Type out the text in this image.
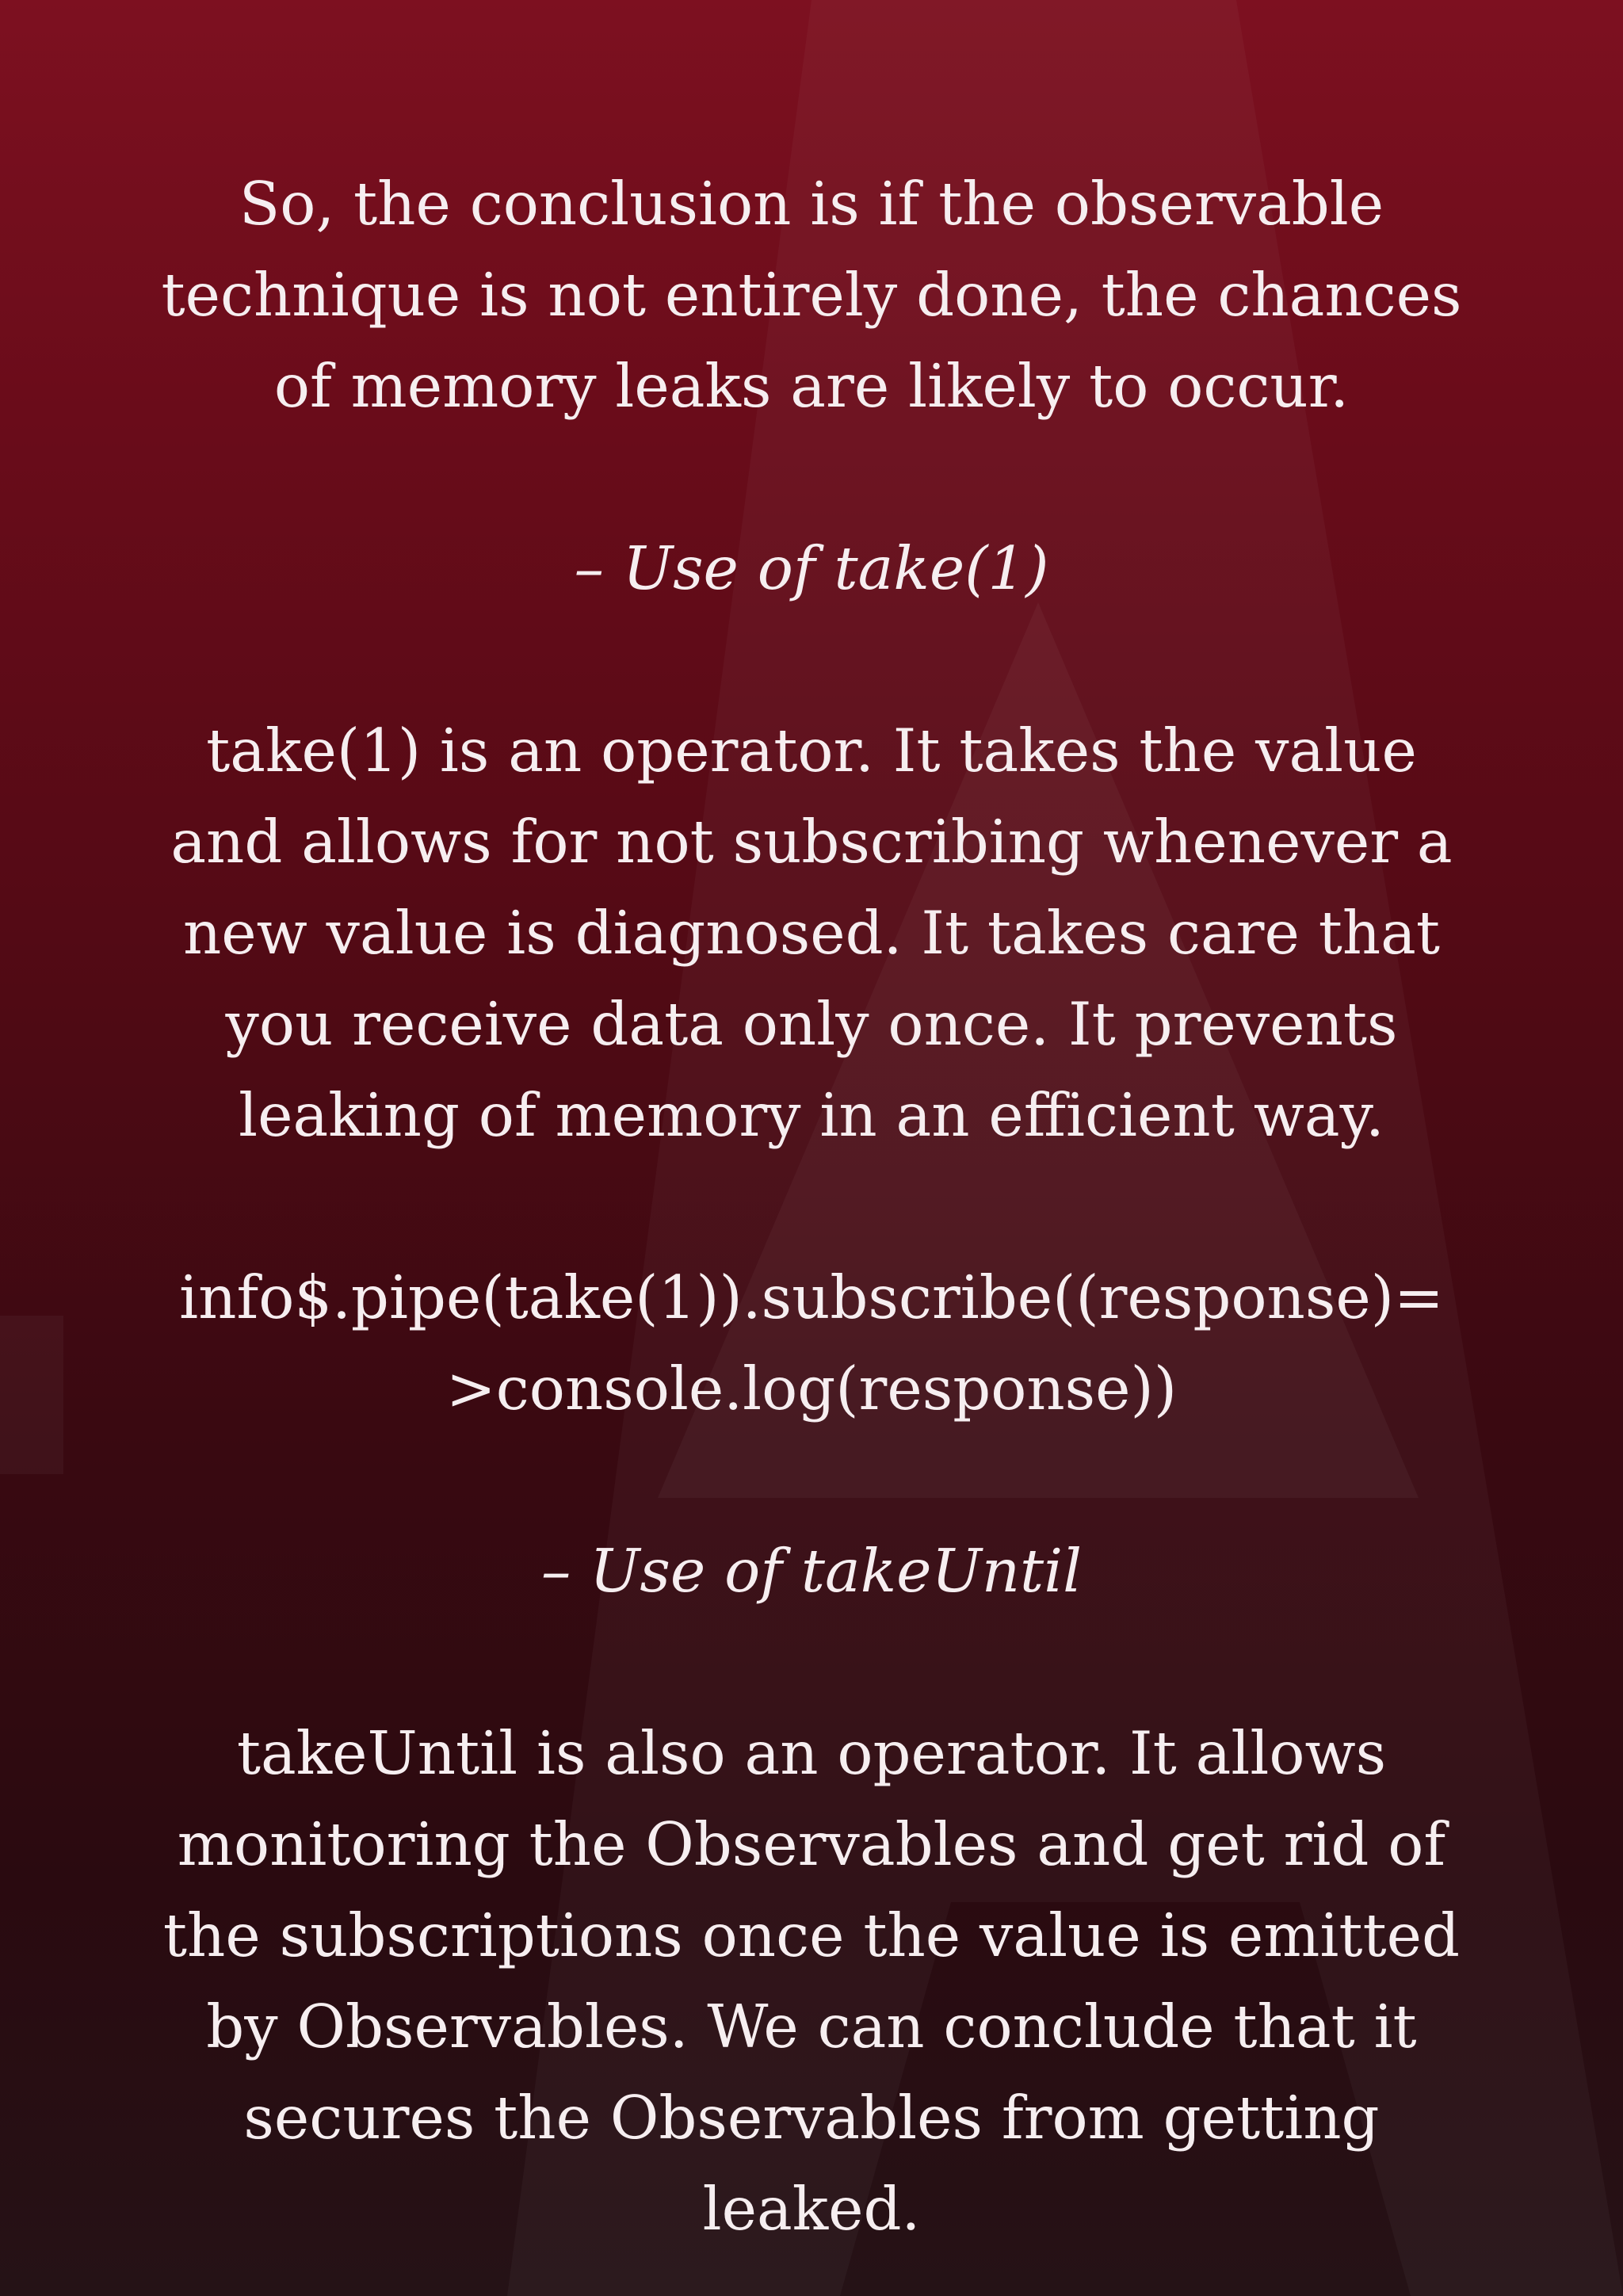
So, the conclusion is if the observable technique is not entirely done, the chances of memory leaks are likely to occur.

– Use of take(1)

take(1) is an operator. It takes the value and allows for not subscribing whenever a new value is diagnosed. It takes care that you receive data only once. It prevents leaking of memory in an efficient way.

info$.pipe(take(1)).subscribe((response)=>console.log(response))

– Use of takeUntil

takeUntil is also an operator. It allows monitoring the Observables and get rid of the subscriptions once the value is emitted by Observables. We can conclude that it secures the Observables from getting leaked.
